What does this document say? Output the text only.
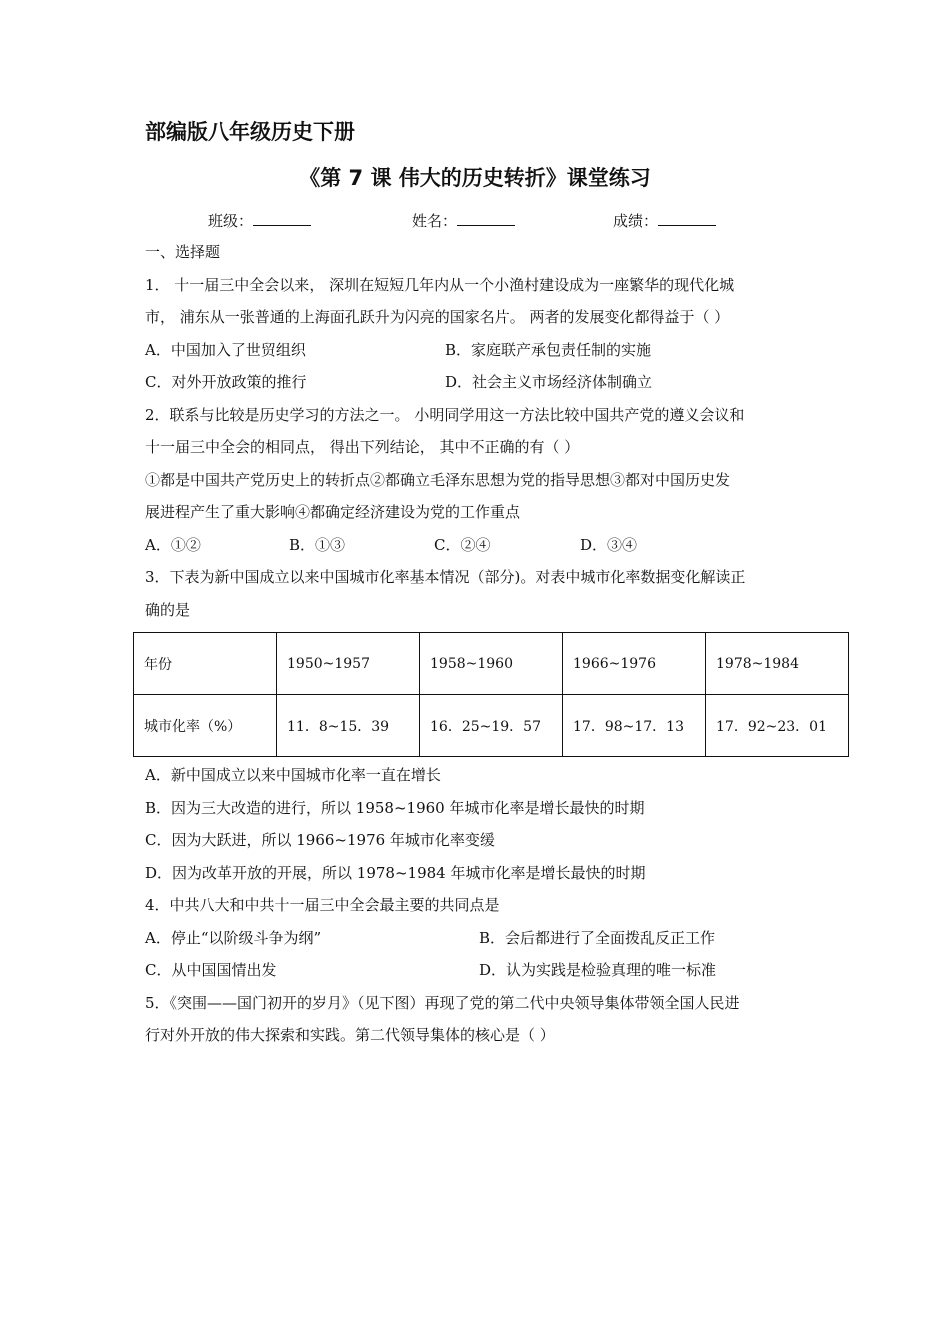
部编版八年级历史下册
《第 7 课 伟大的历史转折》课堂练习
班级：	姓名：	成绩：
一、选择题
1． 十一届三中全会以来， 深圳在短短几年内从一个小渔村建设成为一座繁华的现代化城
市， 浦东从一张普通的上海面孔跃升为闪亮的国家名片。 两者的发展变化都得益于（ ）
A．中国加入了世贸组织	B．家庭联产承包责任制的实施
C．对外开放政策的推行	D．社会主义市场经济体制确立
2．联系与比较是历史学习的方法之一。 小明同学用这一方法比较中国共产党的遵义会议和
十一届三中全会的相同点， 得出下列结论， 其中不正确的有（ ）
①都是中国共产党历史上的转折点②都确立毛泽东思想为党的指导思想③都对中国历史发
展进程产生了重大影响④都确定经济建设为党的工作重点
A．①②	B．①③	C．②④	D．③④
3．下表为新中国成立以来中国城市化率基本情况（部分)。对表中城市化率数据变化解读正
确的是
年份	1950~1957	1958~1960	1966~1976	1978~1984
城市化率（%）	11．8~15．39	16．25~19．57	17．98~17．13	17．92~23．01
A．新中国成立以来中国城市化率一直在增长
B．因为三大改造的进行，所以 1958~1960 年城市化率是增长最快的时期
C．因为大跃进，所以 1966~1976 年城市化率变缓
D．因为改革开放的开展，所以 1978~1984 年城市化率是增长最快的时期
4．中共八大和中共十一届三中全会最主要的共同点是
A．停止“以阶级斗争为纲”	B．会后都进行了全面拨乱反正工作
C．从中国国情出发	D．认为实践是检验真理的唯一标准
5．《突围——国门初开的岁月》（见下图）再现了党的第二代中央领导集体带领全国人民进
行对外开放的伟大探索和实践。第二代领导集体的核心是（ ）
